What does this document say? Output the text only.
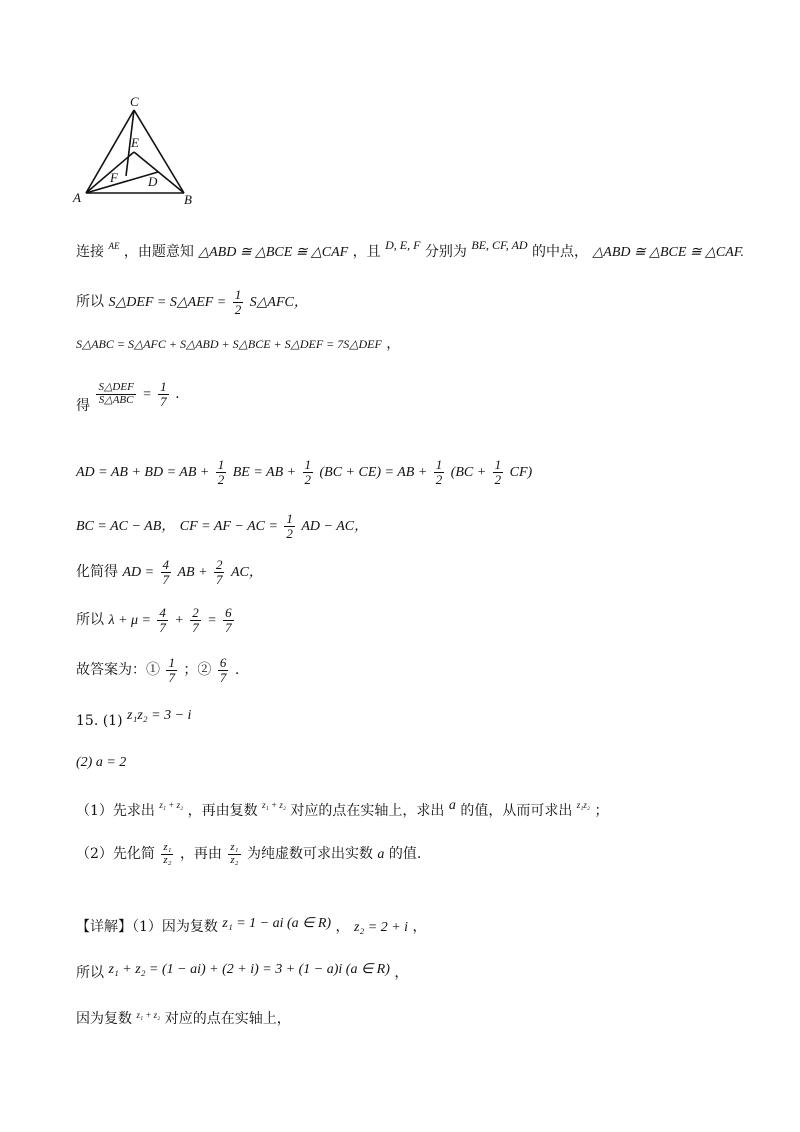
C
E
F D
A	B
连接 $^{AE}$ ，由题意知 △ABD ≅ △BCE ≅ △CAF ，且 D, E, F 分别为 BE, CF, AD 的中点， △ABD ≅ △BCE ≅ △CAF.
所以 S△DEF = S△AEF = $\frac{1}{2}$ S△AFC，
S△ABC = S△AFC + S△ABD + S△BCE + S△DEF = 7S△DEF ，
得 $\frac{\text{S△DEF}}{\text{S△ABC}} = \frac{1}{7}$ .
AD = AB + BD = AB + $\frac{1}{2}$ BE = AB + $\frac{1}{2} (BC + CE)$ = AB + $\frac{1}{2} (BC + \frac{1}{2} CF)$
BC = AC − AB， CF = AF − AC = $\frac{1}{2}$ AD − AC，
化简得 AD = $\frac{4}{7}$ AB + $\frac{2}{7}$ AC，
所以 $\lambda + \mu = \frac{4}{7} + \frac{2}{7} = \frac{6}{7}$
故答案为：① $\frac{1}{7}$ ；② $\frac{6}{7}$ .
15. (1) z₁z₂ = 3 − i
(2) a = 2
（1）先求出 $^{z_1 + z_2}$ ，再由复数 $^{z_1 + z_2}$ 对应的点在实轴上，求出 a 的值，从而可求出 $^{z_1z_2}$ ；
（2）先化简 $\frac{\text{z₁}}{\text{z₂}}$ ，再由 $\frac{\text{z₁}}{\text{z₂}}$ 为纯虚数可求出实数 a 的值.
【详解】（1）因为复数 z₁ = 1 − ai (a ∈ R) ， z₂ = 2 + i ，
所以 z₁ + z₂ = (1 − ai) + (2 + i) = 3 + (1 − a)i (a ∈ R) ，
因为复数 $^{z_1 + z_2}$ 对应的点在实轴上，
